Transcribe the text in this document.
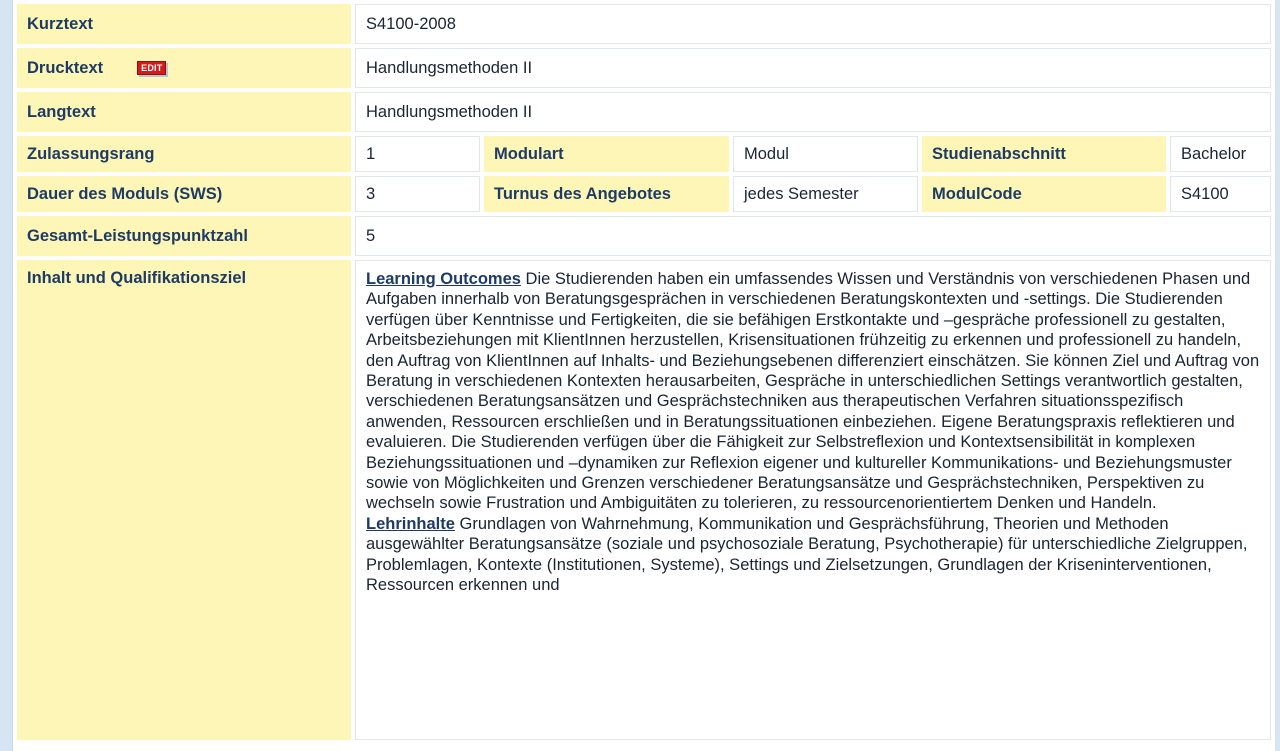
Kurztext	S4100-2008				
Drucktext EDIT	Handlungsmethoden II				
Langtext	Handlungsmethoden II				
Zulassungsrang	1	Modulart	Modul	Studienabschnitt	Bachelor
Dauer des Moduls (SWS)	3	Turnus des Angebotes	jedes Semester	ModulCode	S4100
Gesamt-Leistungspunktzahl	5				
Inhalt und Qualifikationsziel	Learning Outcomes Die Studierenden haben ein umfassendes Wissen und Verständnis von verschiedenen Phasen und Aufgaben innerhalb von Beratungsgesprächen in verschiedenen Beratungskontexten und -settings. Die Studierenden verfügen über Kenntnisse und Fertigkeiten, die sie befähigen Erstkontakte und –gespräche professionell zu gestalten, Arbeitsbeziehungen mit KlientInnen herzustellen, Krisensituationen frühzeitig zu erkennen und professionell zu handeln, den Auftrag von KlientInnen auf Inhalts- und Beziehungsebenen differenziert einschätzen. Sie können Ziel und Auftrag von Beratung in verschiedenen Kontexten herausarbeiten, Gespräche in unterschiedlichen Settings verantwortlich gestalten, verschiedenen Beratungsansätzen und Gesprächstechniken aus therapeutischen Verfahren situationsspezifisch anwenden, Ressourcen erschließen und in Beratungssituationen einbeziehen. Eigene Beratungspraxis reflektieren und evaluieren. Die Studierenden verfügen über die Fähigkeit zur Selbstreflexion und Kontextsensibilität in komplexen Beziehungssituationen und –dynamiken zur Reflexion eigener und kultureller Kommunikations- und Beziehungsmuster sowie von Möglichkeiten und Grenzen verschiedener Beratungsansätze und Gesprächstechniken, Perspektiven zu wechseln sowie Frustration und Ambiguitäten zu tolerieren, zu ressourcenorientiertem Denken und Handeln.
Lehrinhalte Grundlagen von Wahrnehmung, Kommunikation und Gesprächsführung, Theorien und Methoden ausgewählter Beratungsansätze (soziale und psychosoziale Beratung, Psychotherapie) für unterschiedliche Zielgruppen, Problemlagen, Kontexte (Institutionen, Systeme), Settings und Zielsetzungen, Grundlagen der Kriseninterventionen, Ressourcen erkennen und				
